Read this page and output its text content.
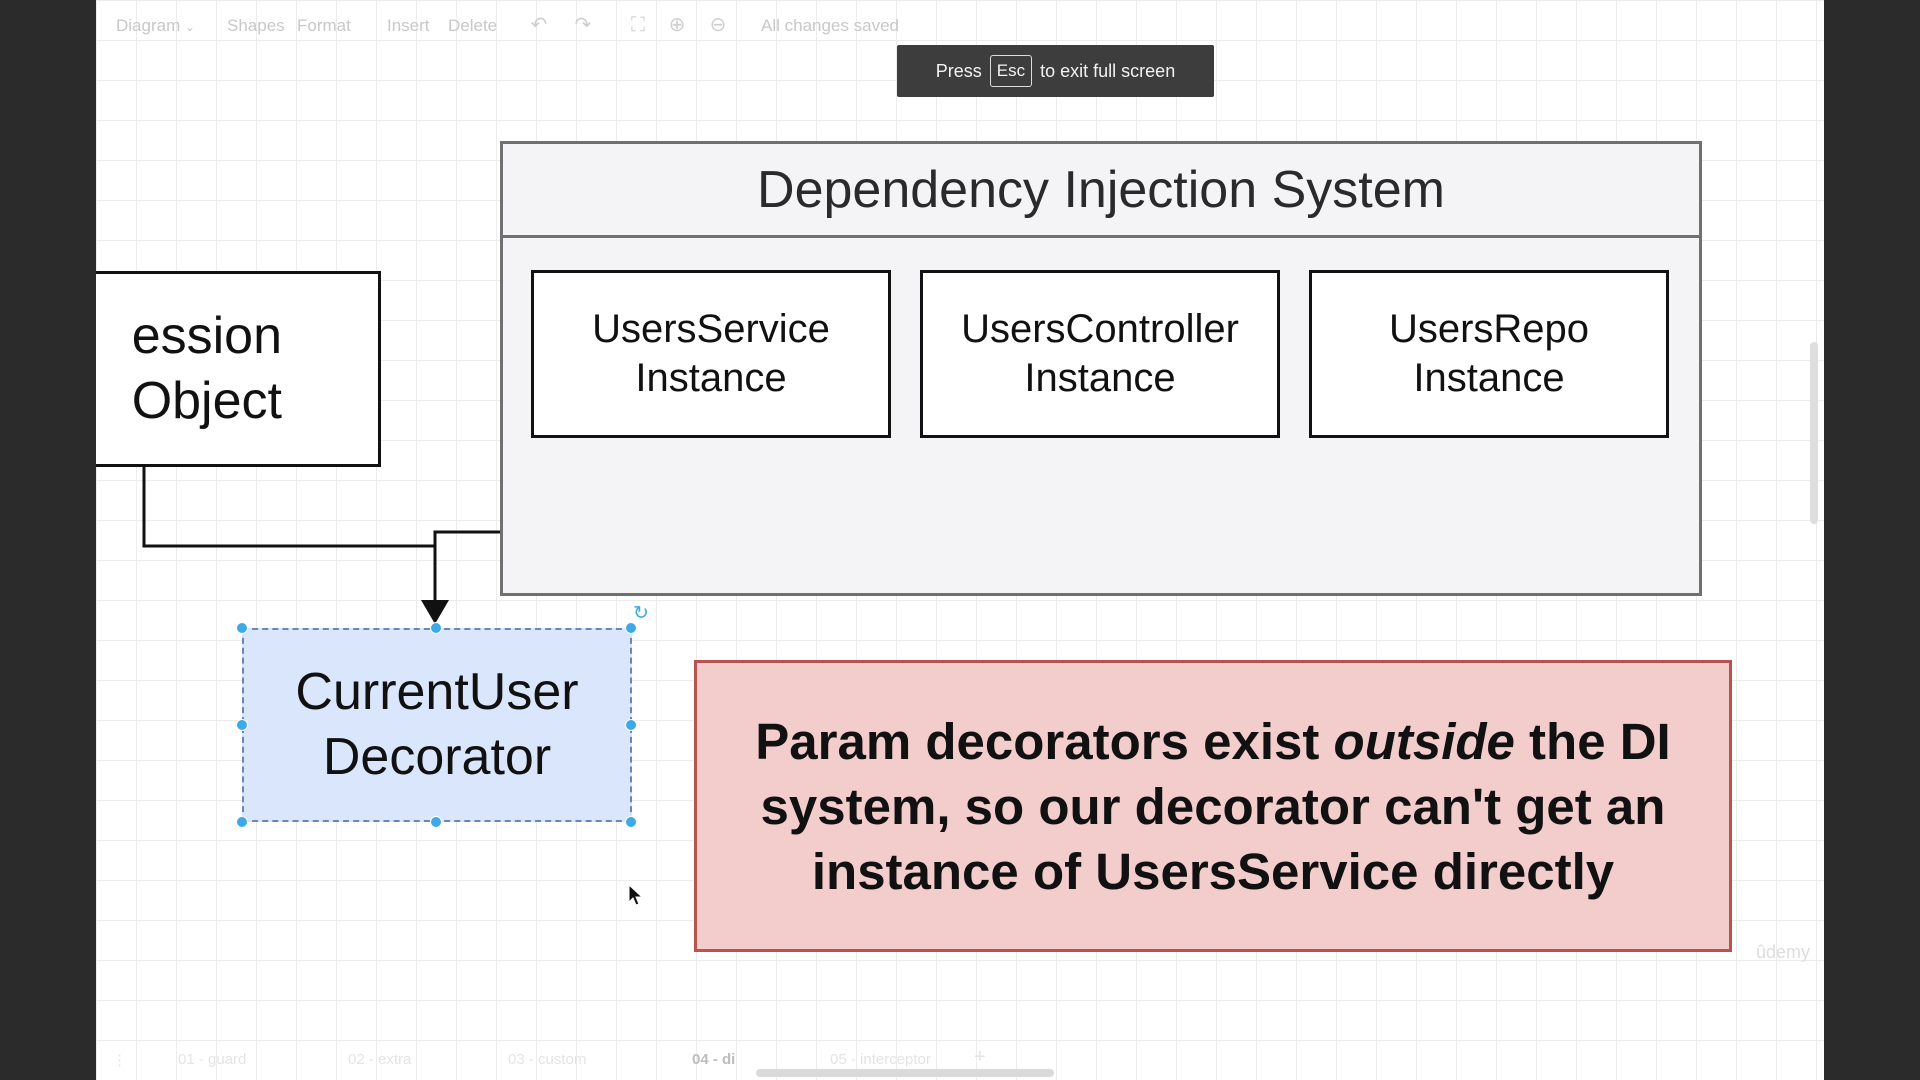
Diagram ⌄ Shapes Format Insert Delete ↶ ↷ ⛶ ⊕ ⊖ All changes saved
Press Esc to exit full screen
Dependency Injection System
UsersService
Instance
UsersController
Instance
UsersRepo
Instance
ession
Object
CurrentUser
Decorator
↻
Param decorators exist outside the DI system, so our decorator can't get an instance of UsersService directly
ûdemy
⋮	01 - guard	02 - extra	03 - custom	04 - di	05 - interceptor +
